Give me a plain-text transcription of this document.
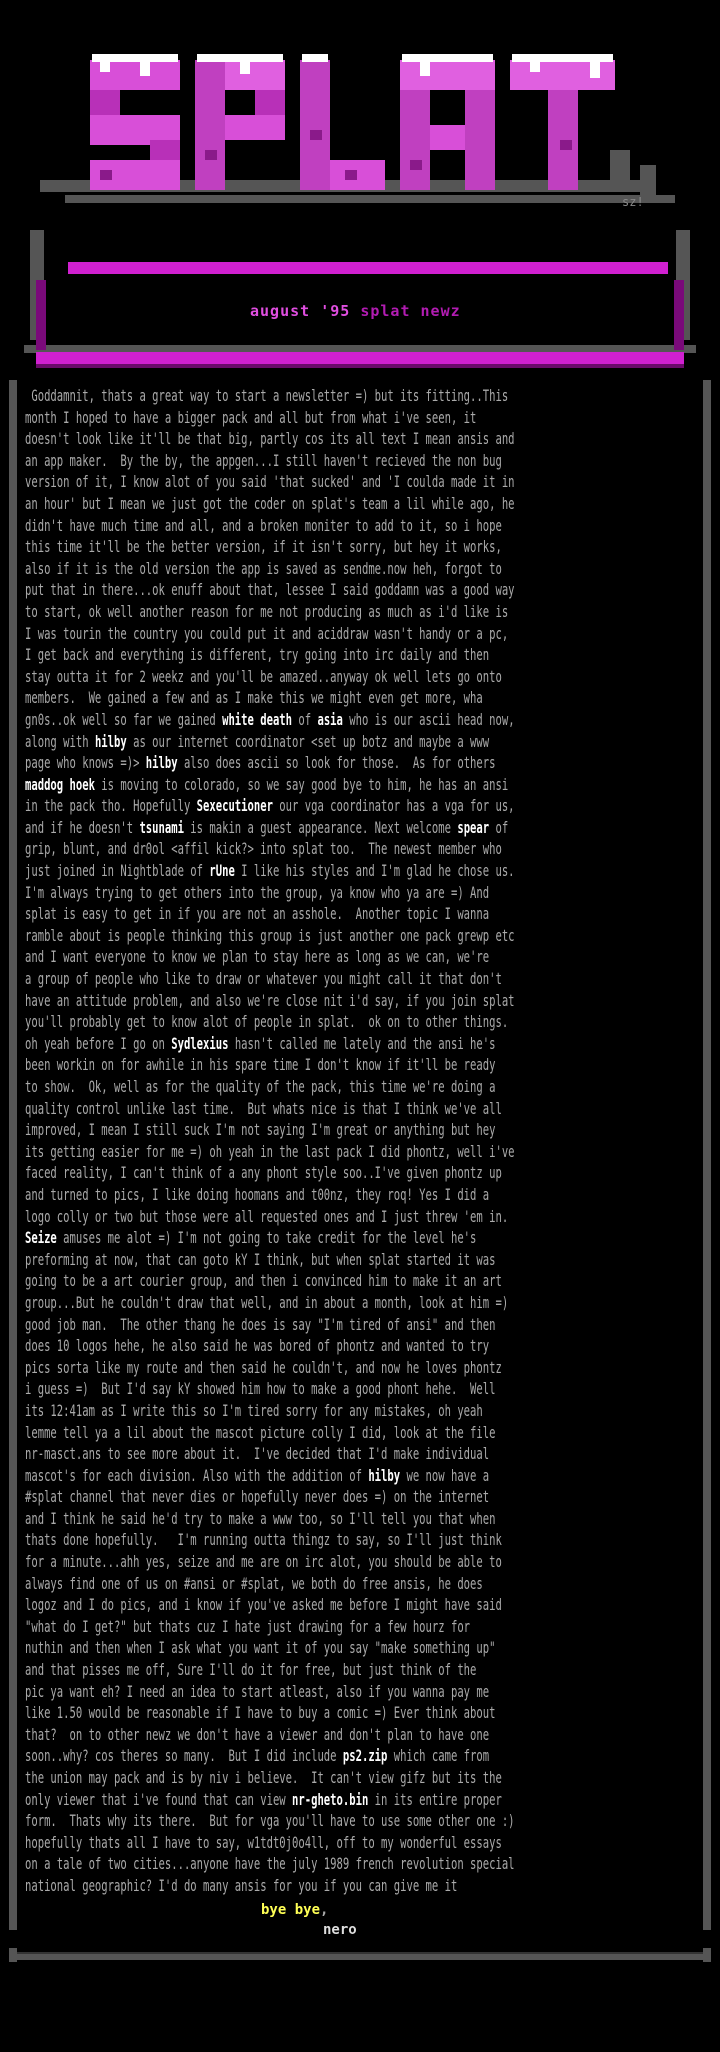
sz!
august '95 splat newz
Goddamnit, thats a great way to start a newsletter =) but its fitting..This
month I hoped to have a bigger pack and all but from what i've seen, it
doesn't look like it'll be that big, partly cos its all text I mean ansis and
an app maker.  By the by, the appgen...I still haven't recieved the non bug
version of it, I know alot of you said 'that sucked' and 'I coulda made it in
an hour' but I mean we just got the coder on splat's team a lil while ago, he
didn't have much time and all, and a broken moniter to add to it, so i hope
this time it'll be the better version, if it isn't sorry, but hey it works,
also if it is the old version the app is saved as sendme.now heh, forgot to
put that in there...ok enuff about that, lessee I said goddamn was a good way
to start, ok well another reason for me not producing as much as i'd like is
I was tourin the country you could put it and aciddraw wasn't handy or a pc,
I get back and everything is different, try going into irc daily and then
stay outta it for 2 weekz and you'll be amazed..anyway ok well lets go onto
members.  We gained a few and as I make this we might even get more, wha
gn0s..ok well so far we gained white death of asia who is our ascii head now,
along with hilby as our internet coordinator <set up botz and maybe a www
page who knows =)> hilby also does ascii so look for those.  As for others
maddog hoek is moving to colorado, so we say good bye to him, he has an ansi
in the pack tho. Hopefully Sexecutioner our vga coordinator has a vga for us,
and if he doesn't tsunami is makin a guest appearance. Next welcome spear of
grip, blunt, and dr0ol <affil kick?> into splat too.  The newest member who
just joined in Nightblade of rUne I like his styles and I'm glad he chose us.
I'm always trying to get others into the group, ya know who ya are =) And
splat is easy to get in if you are not an asshole.  Another topic I wanna
ramble about is people thinking this group is just another one pack grewp etc
and I want everyone to know we plan to stay here as long as we can, we're
a group of people who like to draw or whatever you might call it that don't
have an attitude problem, and also we're close nit i'd say, if you join splat
you'll probably get to know alot of people in splat.  ok on to other things.
oh yeah before I go on Sydlexius hasn't called me lately and the ansi he's
been workin on for awhile in his spare time I don't know if it'll be ready
to show.  Ok, well as for the quality of the pack, this time we're doing a
quality control unlike last time.  But whats nice is that I think we've all
improved, I mean I still suck I'm not saying I'm great or anything but hey
its getting easier for me =) oh yeah in the last pack I did phontz, well i've
faced reality, I can't think of a any phont style soo..I've given phontz up
and turned to pics, I like doing hoomans and t00nz, they roq! Yes I did a
logo colly or two but those were all requested ones and I just threw 'em in.
Seize amuses me alot =) I'm not going to take credit for the level he's
preforming at now, that can goto kY I think, but when splat started it was
going to be a art courier group, and then i convinced him to make it an art
group...But he couldn't draw that well, and in about a month, look at him =)
good job man.  The other thang he does is say "I'm tired of ansi" and then
does 10 logos hehe, he also said he was bored of phontz and wanted to try
pics sorta like my route and then said he couldn't, and now he loves phontz
i guess =)  But I'd say kY showed him how to make a good phont hehe.  Well
its 12:41am as I write this so I'm tired sorry for any mistakes, oh yeah
lemme tell ya a lil about the mascot picture colly I did, look at the file
nr-masct.ans to see more about it.  I've decided that I'd make individual
mascot's for each division. Also with the addition of hilby we now have a
#splat channel that never dies or hopefully never does =) on the internet
and I think he said he'd try to make a www too, so I'll tell you that when
thats done hopefully.   I'm running outta thingz to say, so I'll just think
for a minute...ahh yes, seize and me are on irc alot, you should be able to
always find one of us on #ansi or #splat, we both do free ansis, he does
logoz and I do pics, and i know if you've asked me before I might have said
"what do I get?" but thats cuz I hate just drawing for a few hourz for
nuthin and then when I ask what you want it of you say "make something up"
and that pisses me off, Sure I'll do it for free, but just think of the
pic ya want eh? I need an idea to start atleast, also if you wanna pay me
like 1.50 would be reasonable if I have to buy a comic =) Ever think about
that?  on to other newz we don't have a viewer and don't plan to have one
soon..why? cos theres so many.  But I did include ps2.zip which came from
the union may pack and is by niv i believe.  It can't view gifz but its the
only viewer that i've found that can view nr-gheto.bin in its entire proper
form.  Thats why its there.  But for vga you'll have to use some other one :)
hopefully thats all I have to say, w1tdt0j0o4ll, off to my wonderful essays
on a tale of two cities...anyone have the july 1989 french revolution special
national geographic? I'd do many ansis for you if you can give me it
bye bye,
nero
